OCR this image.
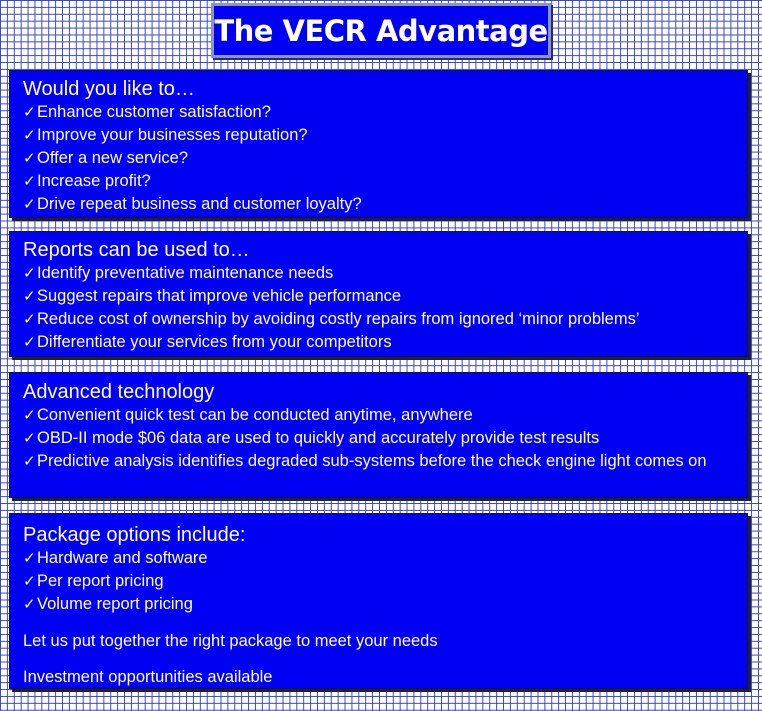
The VECR Advantage
Would you like to…
✓Enhance customer satisfaction?
✓Improve your businesses reputation?
✓Offer a new service?
✓Increase profit?
✓Drive repeat business and customer loyalty?
Reports can be used to…
✓Identify preventative maintenance needs
✓Suggest repairs that improve vehicle performance
✓Reduce cost of ownership by avoiding costly repairs from ignored ‘minor problems’
✓Differentiate your services from your competitors
Advanced technology
✓Convenient quick test can be conducted anytime, anywhere
✓OBD-II mode $06 data are used to quickly and accurately provide test results
✓Predictive analysis identifies degraded sub-systems before the check engine light comes on
Package options include:
✓Hardware and software
✓Per report pricing
✓Volume report pricing
Let us put together the right package to meet your needs
Investment opportunities available
